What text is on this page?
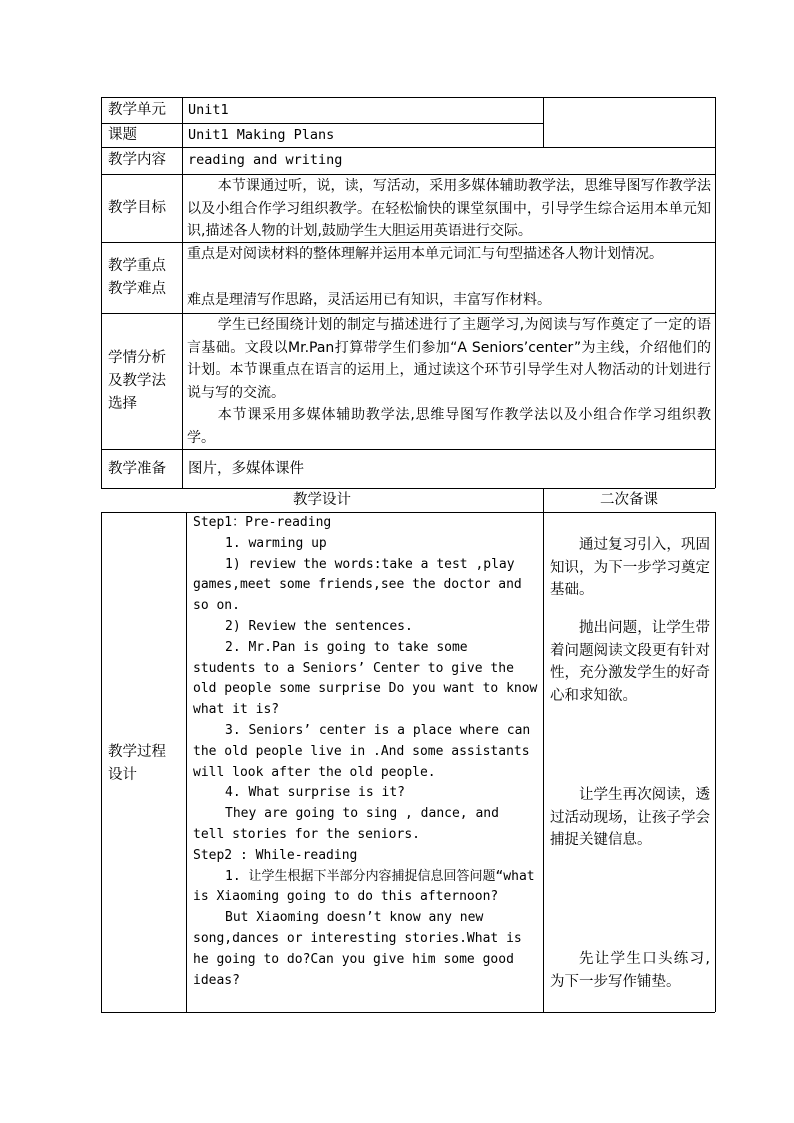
教学单元 Unit1
课题	Unit1 Making Plans
教学内容 reading and writing
教学目标

本节课通过听，说，读，写活动，采用多媒体辅助教学法，思维导图写作教学法以及小组合作学习组织教学。在轻松愉快的课堂氛围中，引导学生综合运用本单元知识,描述各人物的计划,鼓励学生大胆运用英语进行交际。

教学重点
教学难点

重点是对阅读材料的整体理解并运用本单元词汇与句型描述各人物计划情况。

难点是理清写作思路，灵活运用已有知识，丰富写作材料。

学情分析
及教学法
选择

学生已经围绕计划的制定与描述进行了主题学习,为阅读与写作奠定了一定的语言基础。文段以Mr.Pan打算带学生们参加“A Seniors’center”为主线，介绍他们的计划。本节课重点在语言的运用上，通过读这个环节引导学生对人物活动的计划进行说与写的交流。

本节课采用多媒体辅助教学法,思维导图写作教学法以及小组合作学习组织教学。

教学准备 图片，多媒体课件
教学设计	二次备课
教学过程
设计

Step1：Pre-reading

1. warming up

1) review the words:take a test ,play games,meet some friends,see the doctor and so on.

2) Review the sentences.

2. Mr.Pan is going to take some students to a Seniors’ Center to give the old people some surprise Do you want to know what it is?

3. Seniors’ center is a place where can the old people live in .And some assistants will look after the old people.

4. What surprise is it?

They are going to sing , dance, and tell stories for the seniors.

Step2 : While-reading

1. 让学生根据下半部分内容捕捉信息回答问题“what is Xiaoming going to do this afternoon?

But Xiaoming doesn’t know any new song,dances or interesting stories.What is he going to do?Can you give him some good ideas?

通过复习引入，巩固知识，为下一步学习奠定基础。

抛出问题，让学生带着问题阅读文段更有针对性，充分激发学生的好奇心和求知欲。

让学生再次阅读，透过活动现场，让孩子学会捕捉关键信息。

先让学生口头练习,为下一步写作铺垫。
